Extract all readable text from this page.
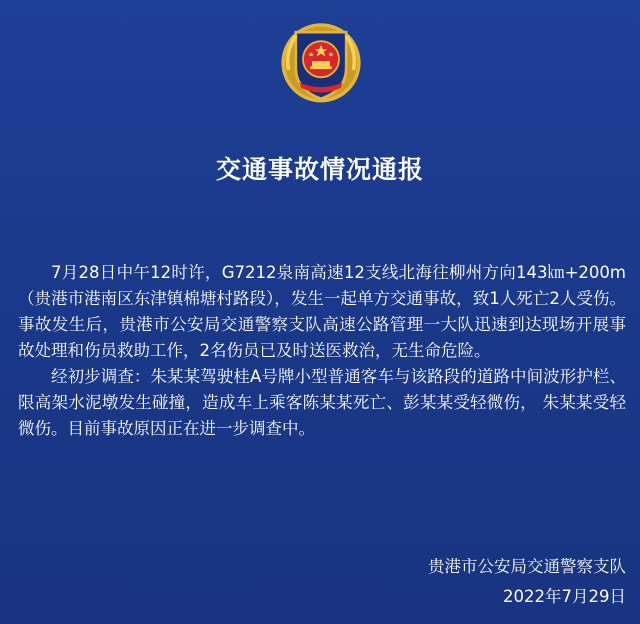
交通事故情况通报

7月28日中午12时许，G7212泉南高速12支线北海往柳州方向143㎞+200m（贵港市港南区东津镇棉塘村路段），发生一起单方交通事故，致1人死亡2人受伤。事故发生后，贵港市公安局交通警察支队高速公路管理一大队迅速到达现场开展事故处理和伤员救助工作，2名伤员已及时送医救治，无生命危险。

经初步调查：朱某某驾驶桂A号牌小型普通客车与该路段的道路中间波形护栏、限高架水泥墩发生碰撞，造成车上乘客陈某某死亡、彭某某受轻微伤， 朱某某受轻微伤。目前事故原因正在进一步调查中。

贵港市公安局交通警察支队
2022年7月29日
